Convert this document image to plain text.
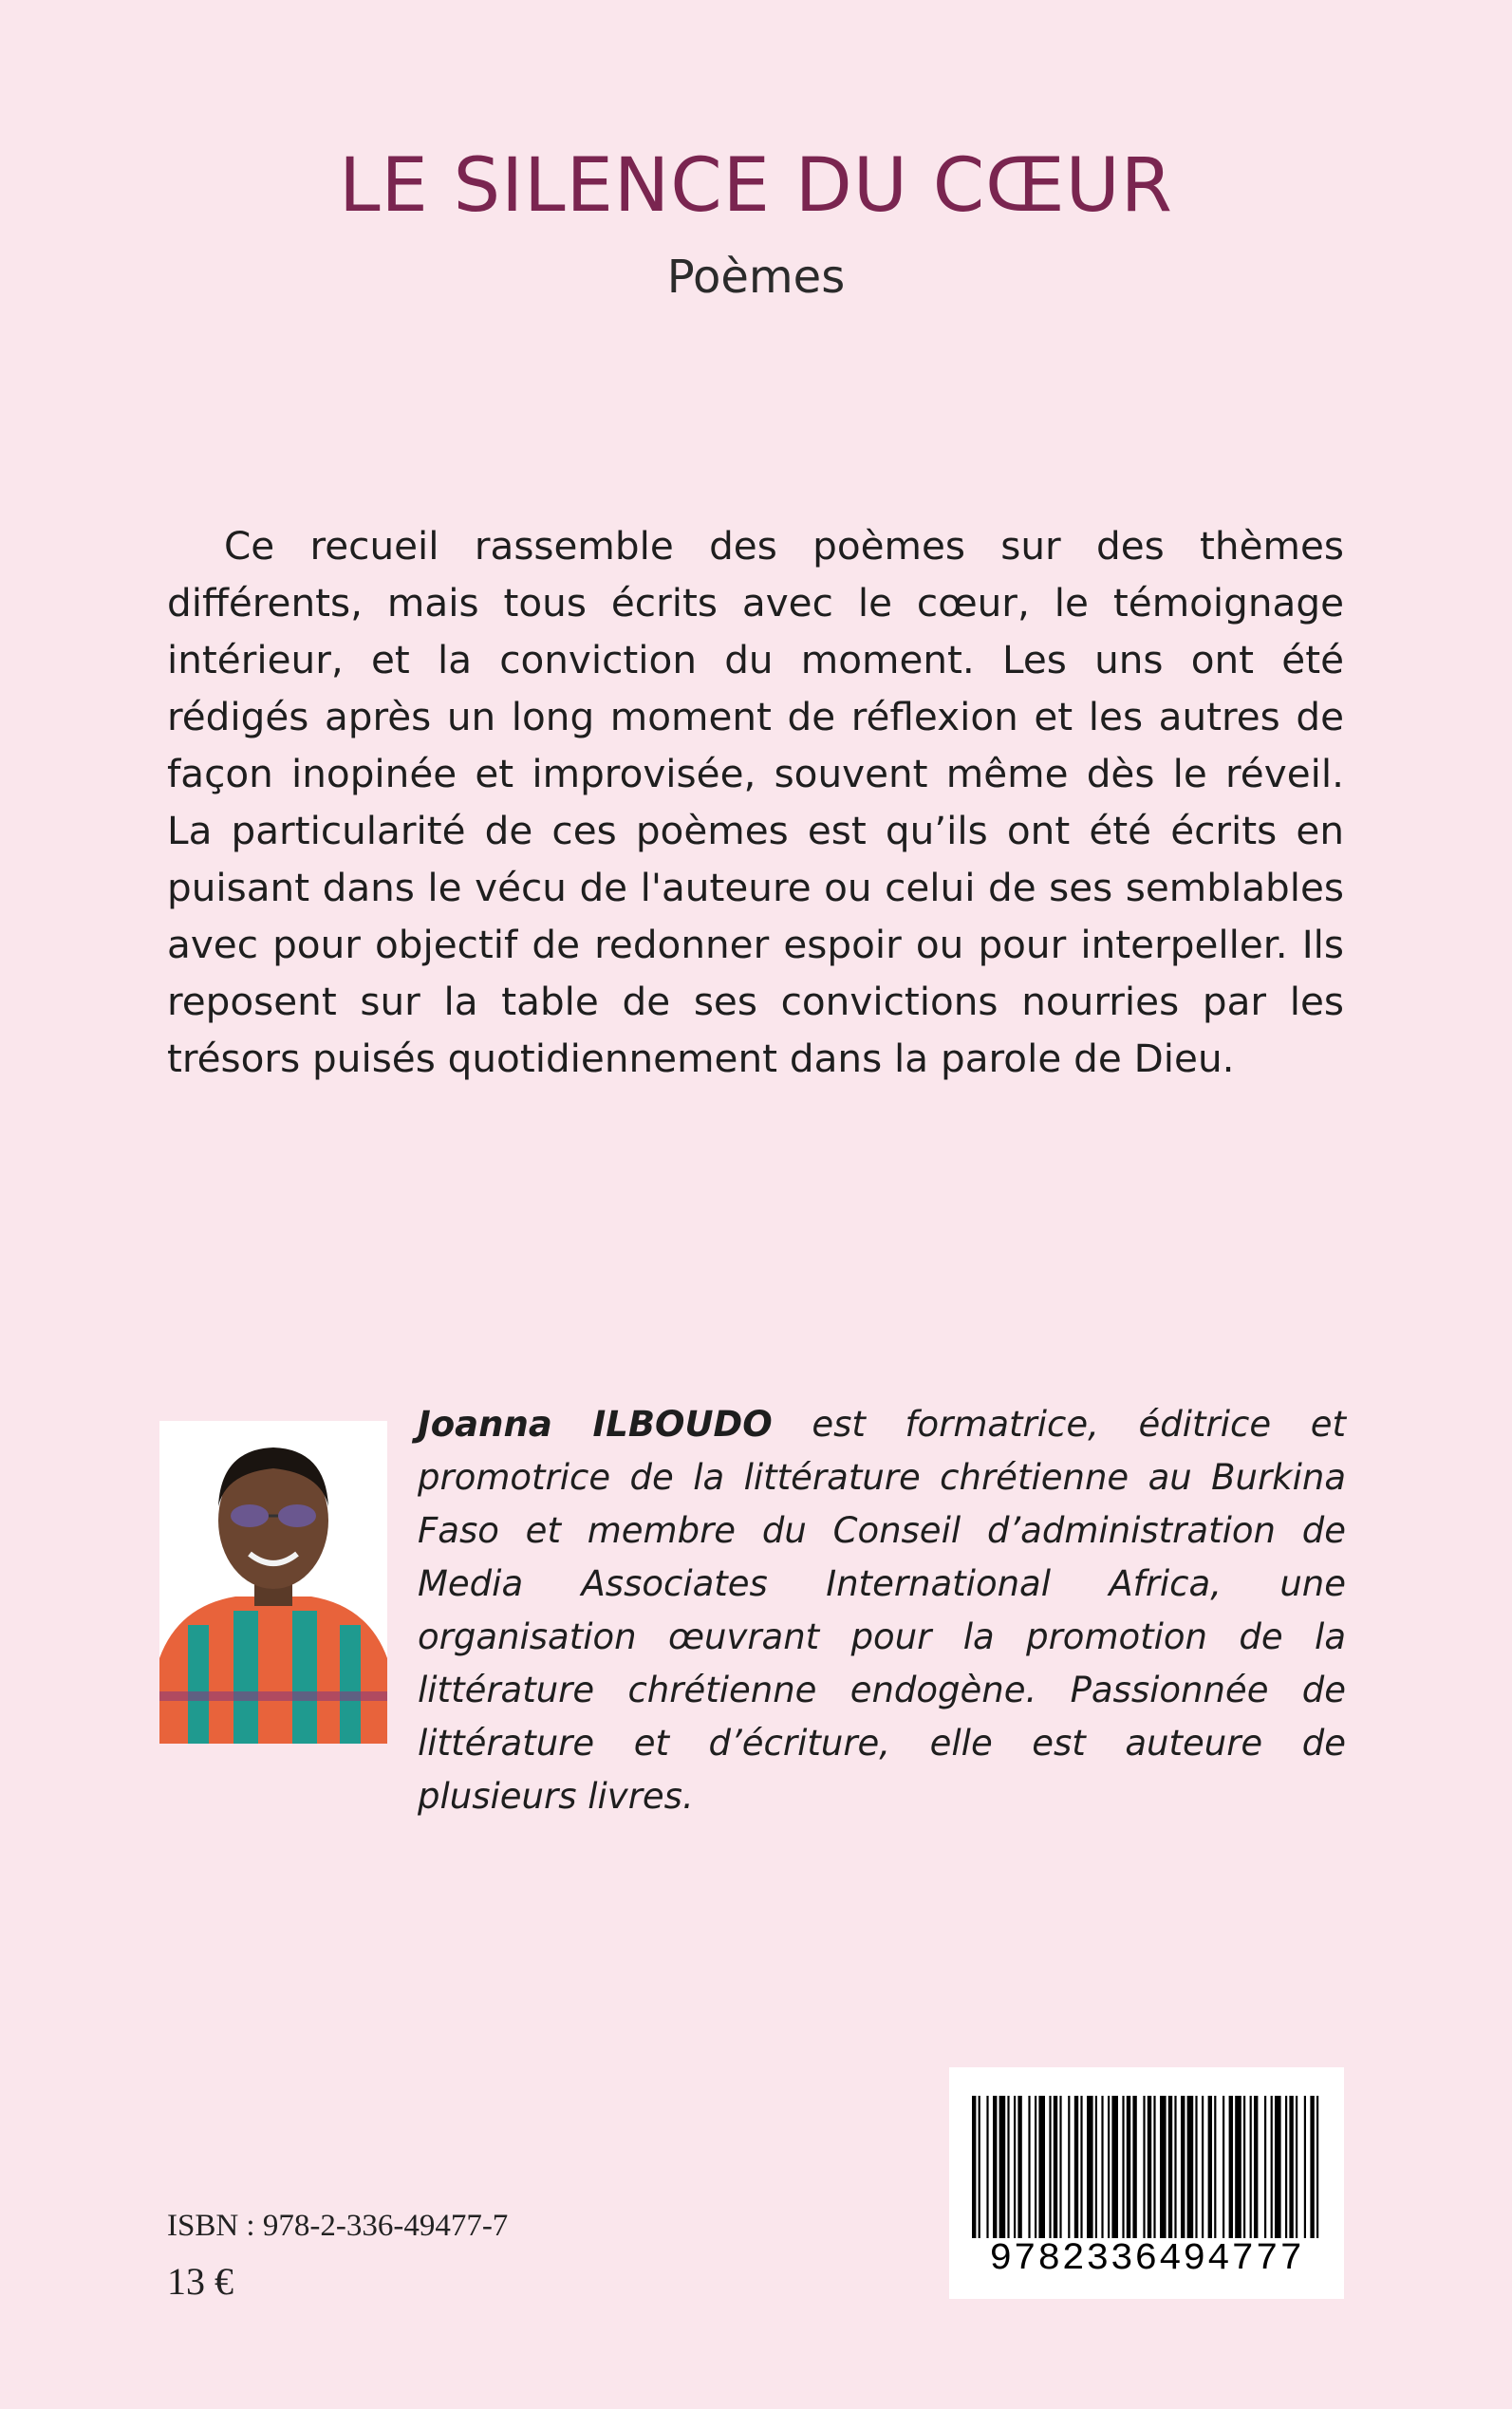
LE SILENCE DU CŒUR

Poèmes

Ce recueil rassemble des poèmes sur des thèmes différents, mais tous écrits avec le cœur, le témoignage intérieur, et la conviction du moment. Les uns ont été rédigés après un long moment de réflexion et les autres de façon inopinée et improvisée, souvent même dès le réveil. La particularité de ces poèmes est qu’ils ont été écrits en puisant dans le vécu de l'auteure ou celui de ses semblables avec pour objectif de redonner espoir ou pour interpeller. Ils reposent sur la table de ses convictions nourries par les trésors puisés quotidiennement dans la parole de Dieu.

Joanna ILBOUDO est formatrice, éditrice et promotrice de la littérature chrétienne au Burkina Faso et membre du Conseil d’administration de Media Associates International Africa, une organisation œuvrant pour la promotion de la littérature chrétienne endogène. Passionnée de littérature et d’écriture, elle est auteure de plusieurs livres.

ISBN : 978-2-336-49477-7

13 €

9782336494777
